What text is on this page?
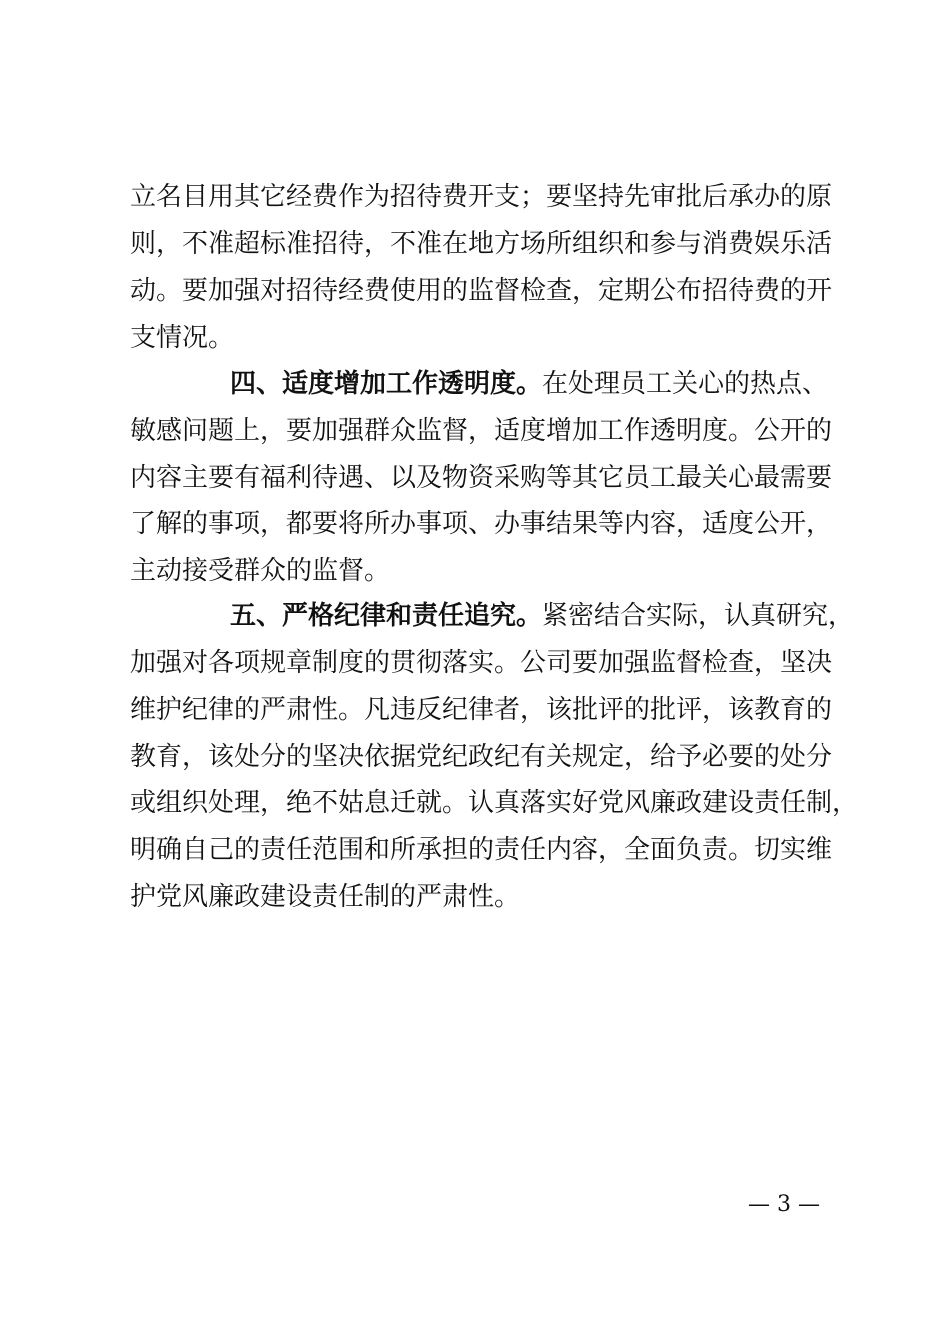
立名目用其它经费作为招待费开支；要坚持先审批后承办的原
则，不准超标准招待，不准在地方场所组织和参与消费娱乐活
动。要加强对招待经费使用的监督检查，定期公布招待费的开
支情况。
四、适度增加工作透明度。在处理员工关心的热点、
敏感问题上，要加强群众监督，适度增加工作透明度。公开的
内容主要有福利待遇、以及物资采购等其它员工最关心最需要
了解的事项，都要将所办事项、办事结果等内容，适度公开，
主动接受群众的监督。
五、严格纪律和责任追究。紧密结合实际，认真研究，
加强对各项规章制度的贯彻落实。公司要加强监督检查，坚决
维护纪律的严肃性。凡违反纪律者，该批评的批评，该教育的
教育，该处分的坚决依据党纪政纪有关规定，给予必要的处分
或组织处理，绝不姑息迁就。认真落实好党风廉政建设责任制，
明确自己的责任范围和所承担的责任内容，全面负责。切实维
护党风廉政建设责任制的严肃性。
— 3 —
